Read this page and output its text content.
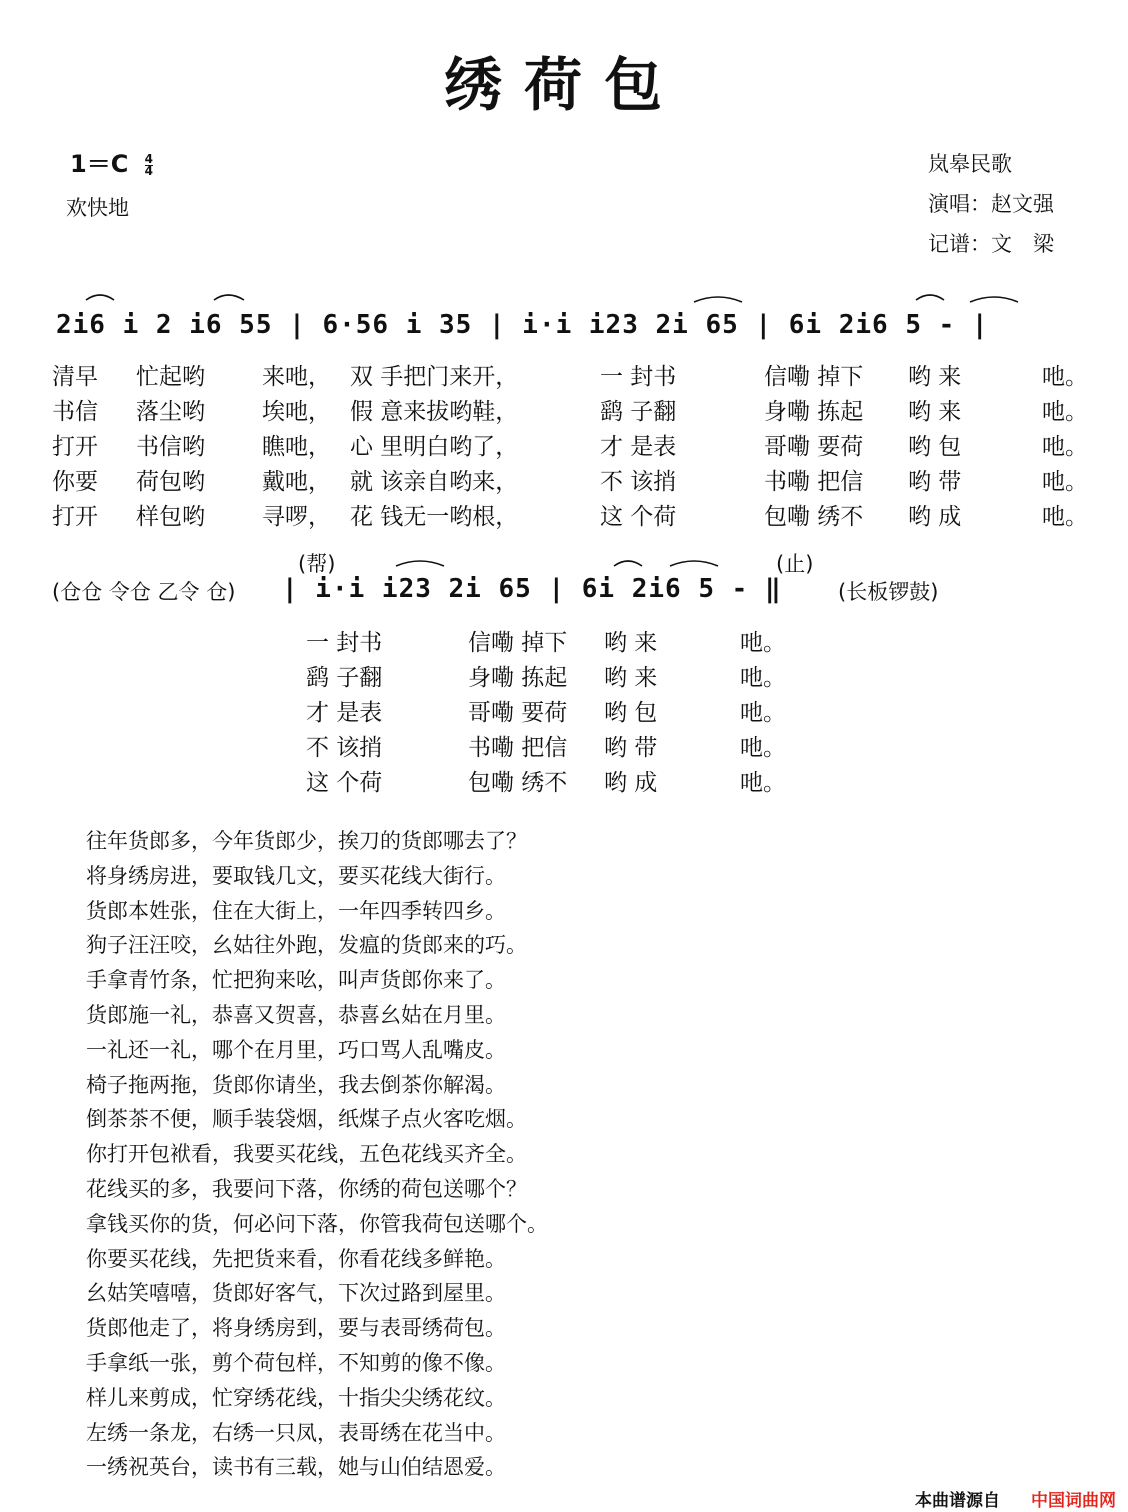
绣荷包
$1=C \frac{4}{4}$
欢快地
岚皋民歌
演唱：赵文强
记谱：文　梁
2i6 i 2 i6 55 | 6·56 i 35 | i·i i23 2i 65 | 6i 2i6 5 - |
清早 忙起哟 来吔， 双 手把门来开，	一 封书	信嘞 掉下 哟 来	吔。
书信 落尘哟 埃吔， 假 意来拔哟鞋，	鹞 子翻	身嘞 拣起 哟 来	吔。
打开 书信哟 瞧吔， 心 里明白哟了，	才 是表	哥嘞 要荷 哟 包	吔。
你要 荷包哟 戴吔， 就 该亲自哟来，	不 该捎	书嘞 把信 哟 带	吔。
打开 样包哟 寻啰， 花 钱无一哟根，	这 个荷	包嘞 绣不 哟 成	吔。
(帮)	(止)
(仓仓 令仓 乙令 仓) | i·i i23 2i 65 | 6i 2i6 5 - ‖	(长板锣鼓)
一 封书	信嘞 掉下 哟 来	吔。
鹞 子翻	身嘞 拣起 哟 来	吔。
才 是表	哥嘞 要荷 哟 包	吔。
不 该捎	书嘞 把信 哟 带	吔。
这 个荷	包嘞 绣不 哟 成	吔。
往年货郎多，今年货郎少，挨刀的货郎哪去了？
将身绣房进，要取钱几文，要买花线大街行。
货郎本姓张，住在大街上，一年四季转四乡。
狗子汪汪咬，幺姑往外跑，发瘟的货郎来的巧。
手拿青竹条，忙把狗来吆，叫声货郎你来了。
货郎施一礼，恭喜又贺喜，恭喜幺姑在月里。
一礼还一礼，哪个在月里，巧口骂人乱嘴皮。
椅子拖两拖，货郎你请坐，我去倒茶你解渴。
倒茶茶不便，顺手装袋烟，纸煤子点火客吃烟。
你打开包袱看，我要买花线，五色花线买齐全。
花线买的多，我要问下落，你绣的荷包送哪个？
拿钱买你的货，何必问下落，你管我荷包送哪个。
你要买花线，先把货来看，你看花线多鲜艳。
幺姑笑嘻嘻，货郎好客气，下次过路到屋里。
货郎他走了，将身绣房到，要与表哥绣荷包。
手拿纸一张，剪个荷包样，不知剪的像不像。
样儿来剪成，忙穿绣花线，十指尖尖绣花纹。
左绣一条龙，右绣一只凤，表哥绣在花当中。
一绣祝英台，读书有三载，她与山伯结恩爱。
本曲谱源自 中国词曲网
